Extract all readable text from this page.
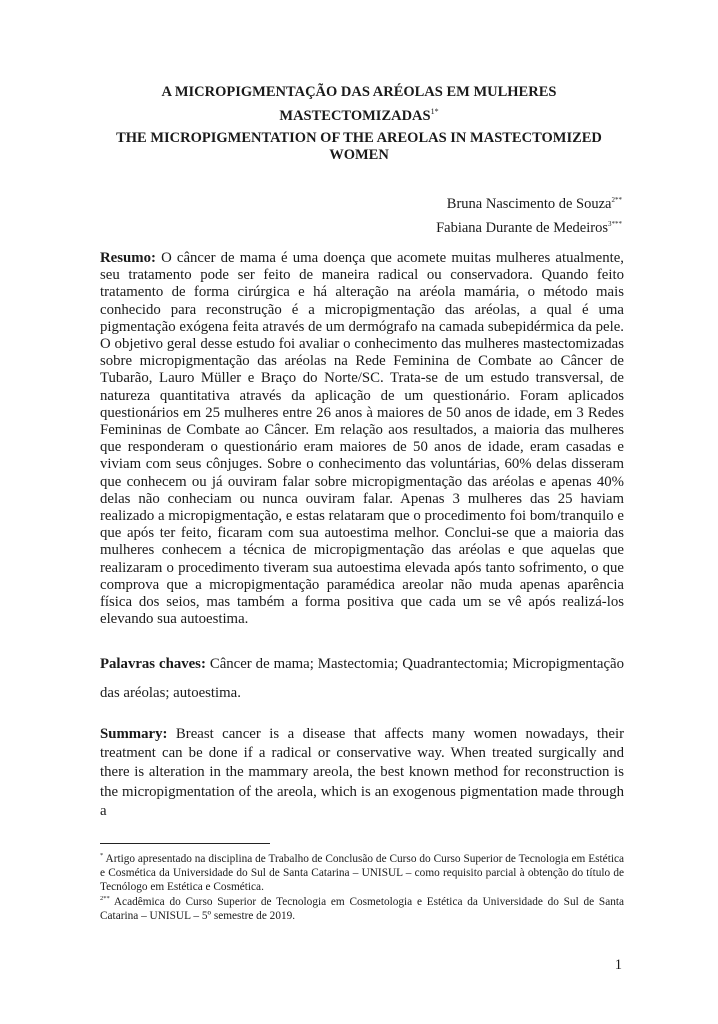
A MICROPIGMENTAÇÃO DAS ARÉOLAS EM MULHERES
$MASTECTOMIZADAS^{1*}$
THE MICROPIGMENTATION OF THE AREOLAS IN MASTECTOMIZED WOMEN
Bruna Nascimento de Souza$^{2**}$
Fabiana Durante de Medeiros$^{3***}$

Resumo: O câncer de mama é uma doença que acomete muitas mulheres atualmente, seu tratamento pode ser feito de maneira radical ou conservadora. Quando feito tratamento de forma cirúrgica e há alteração na aréola mamária, o método mais conhecido para reconstrução é a micropigmentação das aréolas, a qual é uma pigmentação exógena feita através de um dermógrafo na camada subepidérmica da pele. O objetivo geral desse estudo foi avaliar o conhecimento das mulheres mastectomizadas sobre micropigmentação das aréolas na Rede Feminina de Combate ao Câncer de Tubarão, Lauro Müller e Braço do Norte/SC. Trata-se de um estudo transversal, de natureza quantitativa através da aplicação de um questionário. Foram aplicados questionários em 25 mulheres entre 26 anos à maiores de 50 anos de idade, em 3 Redes Femininas de Combate ao Câncer. Em relação aos resultados, a maioria das mulheres que responderam o questionário eram maiores de 50 anos de idade, eram casadas e viviam com seus cônjuges. Sobre o conhecimento das voluntárias, 60% delas disseram que conhecem ou já ouviram falar sobre micropigmentação das aréolas e apenas 40% delas não conheciam ou nunca ouviram falar. Apenas 3 mulheres das 25 haviam realizado a micropigmentação, e estas relataram que o procedimento foi bom/tranquilo e que após ter feito, ficaram com sua autoestima melhor. Conclui-se que a maioria das mulheres conhecem a técnica de micropigmentação das aréolas e que aquelas que realizaram o procedimento tiveram sua autoestima elevada após tanto sofrimento, o que comprova que a micropigmentação paramédica areolar não muda apenas aparência física dos seios, mas também a forma positiva que cada um se vê após realizá-los elevando sua autoestima.

Palavras chaves: Câncer de mama; Mastectomia; Quadrantectomia; Micropigmentação das aréolas; autoestima.

Summary: Breast cancer is a disease that affects many women nowadays, their treatment can be done if a radical or conservative way. When treated surgically and there is alteration in the mammary areola, the best known method for reconstruction is the micropigmentation of the areola, which is an exogenous pigmentation made through a

* Artigo apresentado na disciplina de Trabalho de Conclusão de Curso do Curso Superior de Tecnologia em Estética e Cosmética da Universidade do Sul de Santa Catarina – UNISUL – como requisito parcial à obtenção do título de Tecnólogo em Estética e Cosmética.

$^{2**}$ Acadêmica do Curso Superior de Tecnologia em Cosmetologia e Estética da Universidade do Sul de Santa Catarina – UNISUL – 5º semestre de 2019.

1
